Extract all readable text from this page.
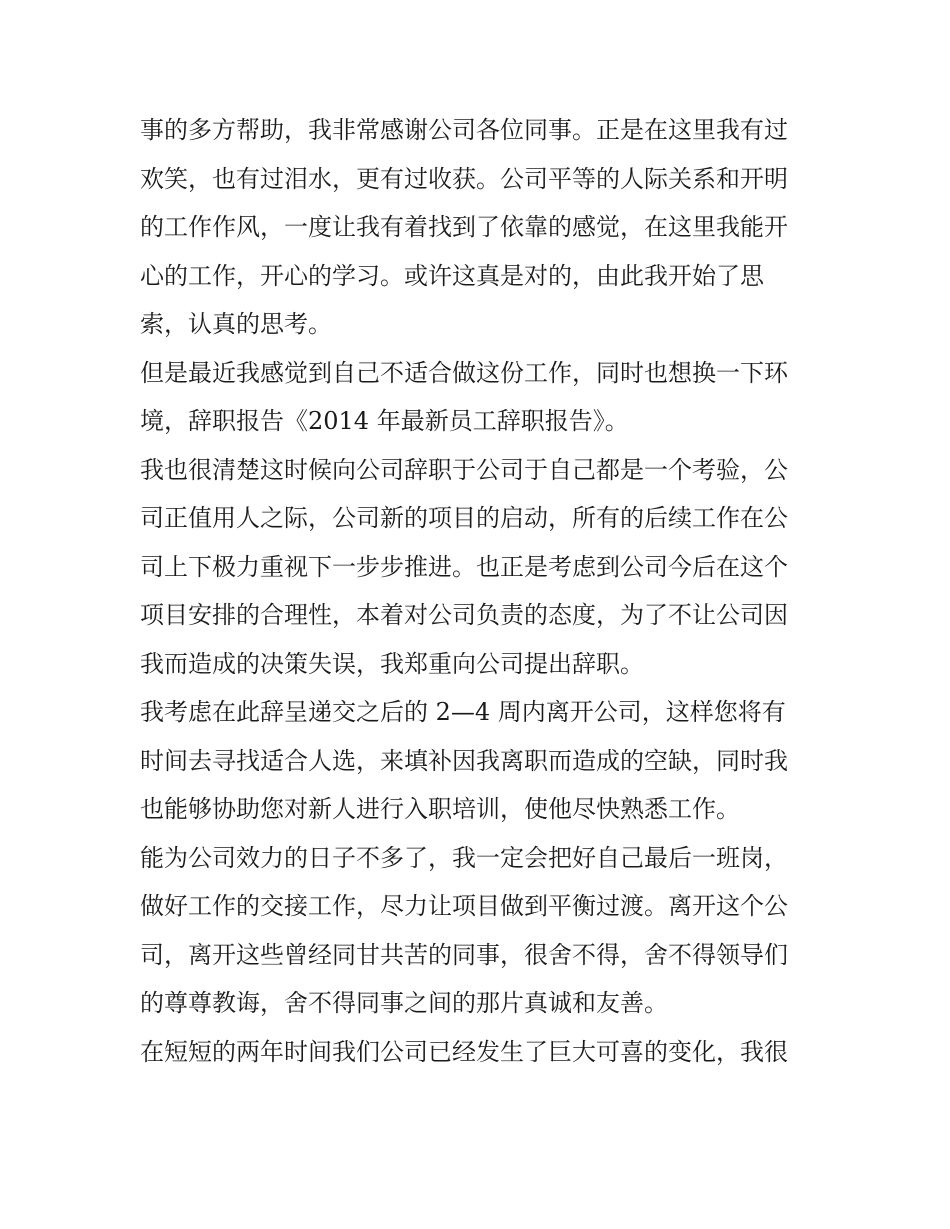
事的多方帮助，我非常感谢公司各位同事。正是在这里我有过
欢笑，也有过泪水，更有过收获。公司平等的人际关系和开明
的工作作风，一度让我有着找到了依靠的感觉，在这里我能开
心的工作，开心的学习。或许这真是对的，由此我开始了思
索，认真的思考。

但是最近我感觉到自己不适合做这份工作，同时也想换一下环
境，辞职报告《2014 年最新员工辞职报告》。

我也很清楚这时候向公司辞职于公司于自己都是一个考验，公
司正值用人之际，公司新的项目的启动，所有的后续工作在公
司上下极力重视下一步步推进。也正是考虑到公司今后在这个
项目安排的合理性，本着对公司负责的态度，为了不让公司因
我而造成的决策失误，我郑重向公司提出辞职。

我考虑在此辞呈递交之后的 2—4 周内离开公司，这样您将有
时间去寻找适合人选，来填补因我离职而造成的空缺，同时我
也能够协助您对新人进行入职培训，使他尽快熟悉工作。

能为公司效力的日子不多了，我一定会把好自己最后一班岗，
做好工作的交接工作，尽力让项目做到平衡过渡。离开这个公
司，离开这些曾经同甘共苦的同事，很舍不得，舍不得领导们
的尊尊教诲，舍不得同事之间的那片真诚和友善。

在短短的两年时间我们公司已经发生了巨大可喜的变化，我很
